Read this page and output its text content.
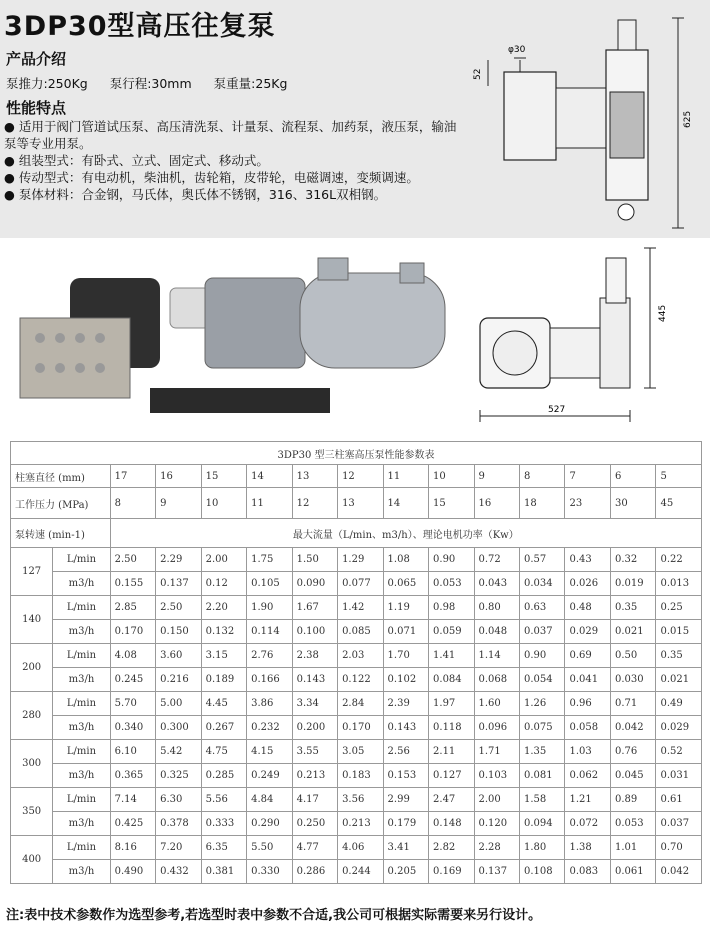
3DP30型高压往复泵
产品介绍
泵推力:250Kg 泵行程:30mm 泵重量:25Kg
性能特点
● 适用于阀门管道试压泵、高压清洗泵、计量泵、流程泵、加药泵，液压泵，输油泵等专业用泵。
● 组装型式：有卧式、立式、固定式、移动式。
● 传动型式：有电动机，柴油机，齿轮箱，皮带轮，电磁调速，变频调速。
● 泵体材料：合金钢，马氏体，奥氏体不锈钢，316、316L双相钢。
φ30
52
625
445
527
3DP30 型三柱塞高压泵性能参数表														
柱塞直径 (mm)		17	16	15	14	13	12	11	10	9	8	7	6	5
工作压力 (MPa)		8	9	10	11	12	13	14	15	16	18	23	30	45
泵转速 (min-1)		最大流量（L/min、m3/h）、理论电机功率（Kw）												
127	L/min	2.50	2.29	2.00	1.75	1.50	1.29	1.08	0.90	0.72	0.57	0.43	0.32	0.22
	m3/h	0.155	0.137	0.12	0.105	0.090	0.077	0.065	0.053	0.043	0.034	0.026	0.019	0.013
140	L/min	2.85	2.50	2.20	1.90	1.67	1.42	1.19	0.98	0.80	0.63	0.48	0.35	0.25
	m3/h	0.170	0.150	0.132	0.114	0.100	0.085	0.071	0.059	0.048	0.037	0.029	0.021	0.015
200	L/min	4.08	3.60	3.15	2.76	2.38	2.03	1.70	1.41	1.14	0.90	0.69	0.50	0.35
	m3/h	0.245	0.216	0.189	0.166	0.143	0.122	0.102	0.084	0.068	0.054	0.041	0.030	0.021
280	L/min	5.70	5.00	4.45	3.86	3.34	2.84	2.39	1.97	1.60	1.26	0.96	0.71	0.49
	m3/h	0.340	0.300	0.267	0.232	0.200	0.170	0.143	0.118	0.096	0.075	0.058	0.042	0.029
300	L/min	6.10	5.42	4.75	4.15	3.55	3.05	2.56	2.11	1.71	1.35	1.03	0.76	0.52
	m3/h	0.365	0.325	0.285	0.249	0.213	0.183	0.153	0.127	0.103	0.081	0.062	0.045	0.031
350	L/min	7.14	6.30	5.56	4.84	4.17	3.56	2.99	2.47	2.00	1.58	1.21	0.89	0.61
	m3/h	0.425	0.378	0.333	0.290	0.250	0.213	0.179	0.148	0.120	0.094	0.072	0.053	0.037
400	L/min	8.16	7.20	6.35	5.50	4.77	4.06	3.41	2.82	2.28	1.80	1.38	1.01	0.70
	m3/h	0.490	0.432	0.381	0.330	0.286	0.244	0.205	0.169	0.137	0.108	0.083	0.061	0.042
注:表中技术参数作为选型参考,若选型时表中参数不合适,我公司可根据实际需要来另行设计。
